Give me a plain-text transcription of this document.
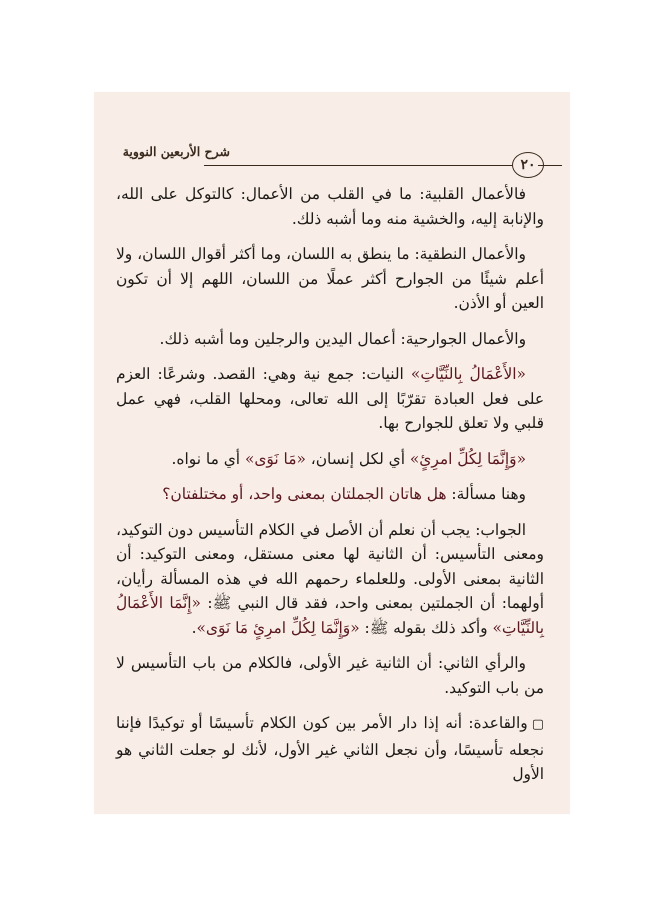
شرح الأربعين النووية
٢٠

فالأعمال القلبية: ما في القلب من الأعمال: كالتوكل على الله، والإنابة إليه، والخشية منه وما أشبه ذلك.

والأعمال النطقية: ما ينطق به اللسان، وما أكثر أقوال اللسان، ولا أعلم شيئًا من الجوارح أكثر عملًا من اللسان، اللهم إلا أن تكون العين أو الأذن.

والأعمال الجوارحية: أعمال اليدين والرجلين وما أشبه ذلك.

«الأَعْمَالُ بِالنِّيَّاتِ» النيات: جمع نية وهي: القصد. وشرعًا: العزم على فعل العبادة تقرّبًا إلى الله تعالى، ومحلها القلب، فهي عمل قلبي ولا تعلق للجوارح بها.

«وَإِنَّمَا لِكُلِّ امرِئٍ» أي لكل إنسان، «مَا نَوَى» أي ما نواه.

وهنا مسألة: هل هاتان الجملتان بمعنى واحد، أو مختلفتان؟

الجواب: يجب أن نعلم أن الأصل في الكلام التأسيس دون التوكيد، ومعنى التأسيس: أن الثانية لها معنى مستقل، ومعنى التوكيد: أن الثانية بمعنى الأولى. وللعلماء رحمهم الله في هذه المسألة رأيان، أولهما: أن الجملتين بمعنى واحد، فقد قال النبي ﷺ: «إِنَّمَا الأَعْمَالُ بِالنِّيَّاتِ» وأكد ذلك بقوله ﷺ: «وَإِنَّمَا لِكُلِّ امرِئٍ مَا نَوَى».

والرأي الثاني: أن الثانية غير الأولى، فالكلام من باب التأسيس لا من باب التوكيد.

▢والقاعدة: أنه إذا دار الأمر بين كون الكلام تأسيسًا أو توكيدًا فإننا نجعله تأسيسًا، وأن نجعل الثاني غير الأول، لأنك لو جعلت الثاني هو الأول
